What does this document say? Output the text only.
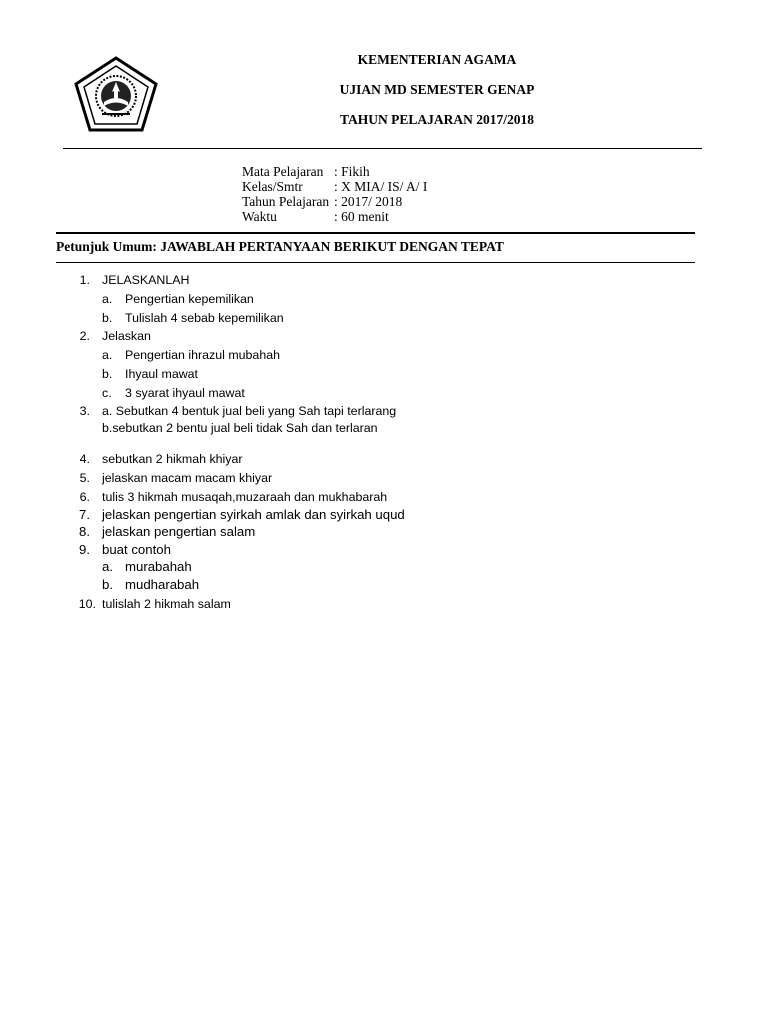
KEMENTERIAN AGAMA
UJIAN MD SEMESTER GENAP
TAHUN PELAJARAN 2017/2018
Mata Pelajaran : Fikih
Kelas/Smtr	: X MIA/ IS/ A/ I
Tahun Pelajaran : 2017/ 2018
Waktu	: 60 menit
Petunjuk Umum: JAWABLAH PERTANYAAN BERIKUT DENGAN TEPAT
1. JELASKANLAH
a. Pengertian kepemilikan
b. Tulislah 4 sebab kepemilikan
2. Jelaskan
a. Pengertian ihrazul mubahah
b. Ihyaul mawat
c. 3 syarat ihyaul mawat
3. a. Sebutkan 4 bentuk jual beli yang Sah tapi terlarang
b.sebutkan 2 bentu jual beli tidak Sah dan terlaran
4. sebutkan 2 hikmah khiyar
5. jelaskan macam macam khiyar
6. tulis 3 hikmah musaqah,muzaraah dan mukhabarah
7. jelaskan pengertian syirkah amlak dan syirkah uqud
8. jelaskan pengertian salam
9. buat contoh
a. murabahah
b. mudharabah
10. tulislah 2 hikmah salam
